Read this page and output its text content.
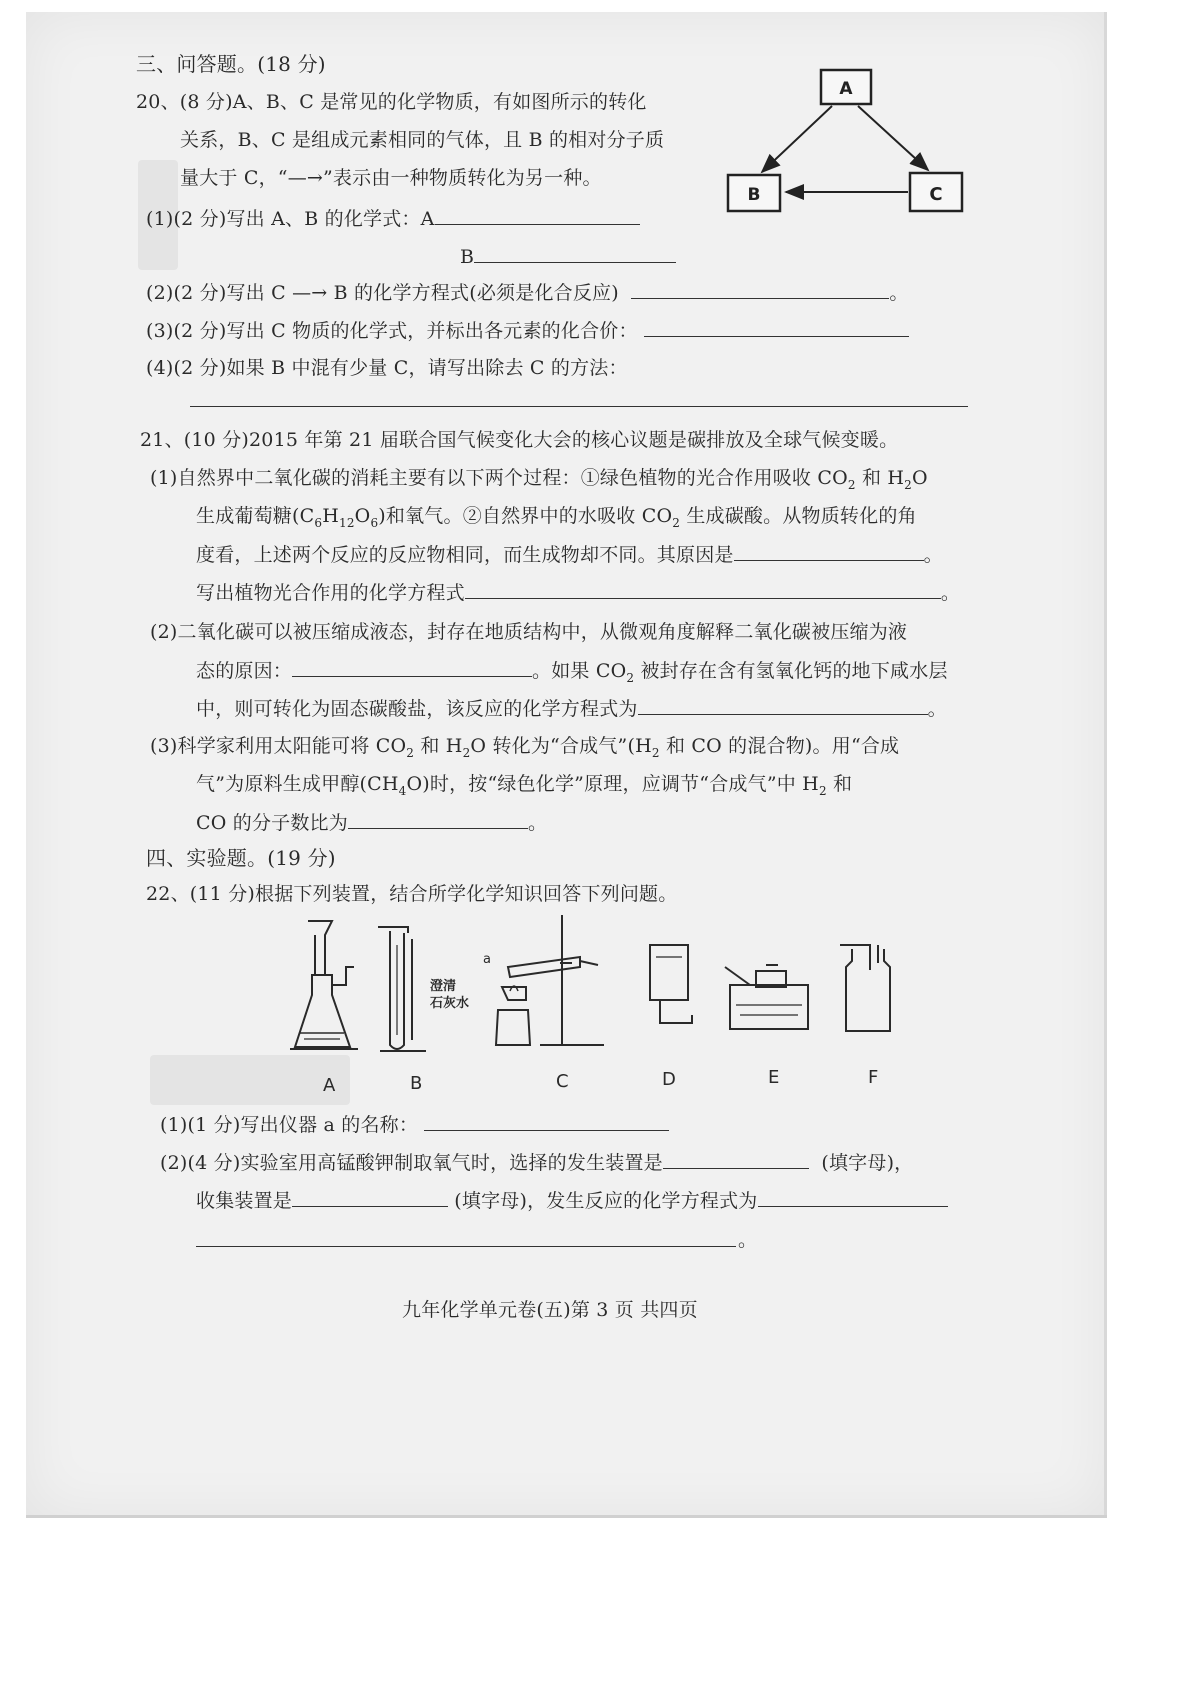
三、问答题。(18 分)
20、(8 分)A、B、C 是常见的化学物质，有如图所示的转化
关系，B、C 是组成元素相同的气体，且 B 的相对分子质
量大于 C，“—→”表示由一种物质转化为另一种。
(1)(2 分)写出 A、B 的化学式：A
B
(2)(2 分)写出 C —→ B 的化学方程式(必须是化合反应)	。
(3)(2 分)写出 C 物质的化学式，并标出各元素的化合价：
(4)(2 分)如果 B 中混有少量 C，请写出除去 C 的方法：
A
B	C
21、(10 分)2015 年第 21 届联合国气候变化大会的核心议题是碳排放及全球气候变暖。
(1)自然界中二氧化碳的消耗主要有以下两个过程：①绿色植物的光合作用吸收 $CO_2$ 和 $H_2O$
生成葡萄糖$(C_6H_{12}O_6)$和氧气。②自然界中的水吸收 $CO_2$ 生成碳酸。从物质转化的角
度看，上述两个反应的反应物相同，而生成物却不同。其原因是	。
写出植物光合作用的化学方程式	。
(2)二氧化碳可以被压缩成液态，封存在地质结构中，从微观角度解释二氧化碳被压缩为液
态的原因：	。如果 $CO_2$ 被封存在含有氢氧化钙的地下咸水层
中，则可转化为固态碳酸盐，该反应的化学方程式为	。
(3)科学家利用太阳能可将 $CO_2$ 和 $H_2O$ 转化为“合成气$”(H_2$ 和 CO 的混合物)。用“合成
气”为原料生成甲醇$(CH_4O)$时，按“绿色化学”原理，应调节“合成气”中 $H_2$ 和
CO 的分子数比为	。
四、实验题。(19 分)
22、(11 分)根据下列装置，结合所学化学知识回答下列问题。
澄清
石灰水
a
A	B	C	D	E	F
(1)(1 分)写出仪器 a 的名称：
(2)(4 分)实验室用高锰酸钾制取氧气时，选择的发生装置是	(填字母)，
收集装置是	(填字母)，发生反应的化学方程式为
。
九年化学单元卷(五)第 3 页 共四页
